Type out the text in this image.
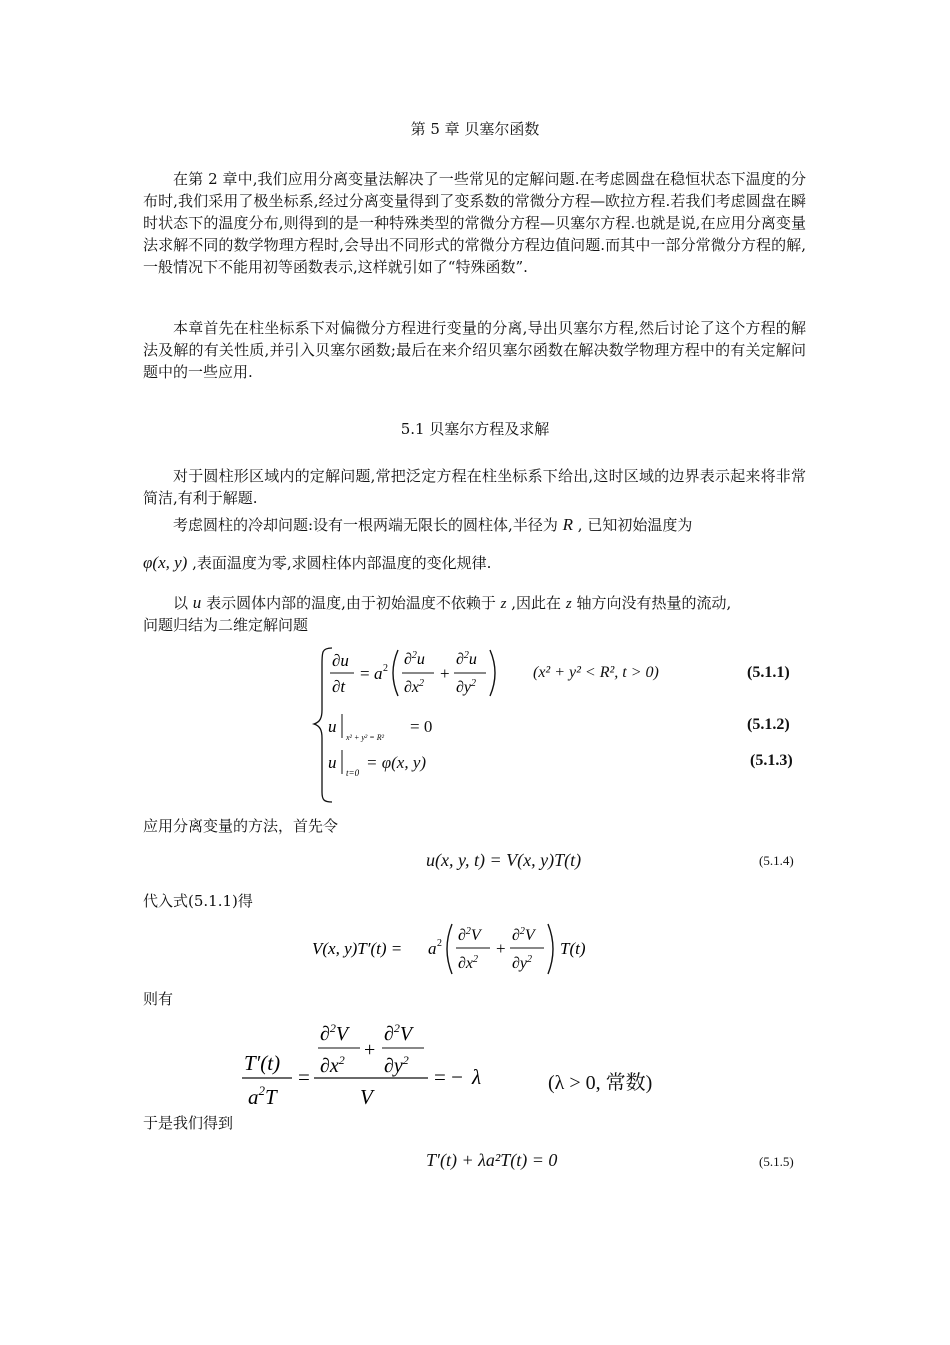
第 5 章 贝塞尔函数
在第 2 章中,我们应用分离变量法解决了一些常见的定解问题.在考虑圆盘在稳恒状态下温度的分布时,我们采用了极坐标系,经过分离变量得到了变系数的常微分方程—欧拉方程.若我们考虑圆盘在瞬时状态下的温度分布,则得到的是一种特殊类型的常微分方程—贝塞尔方程.也就是说,在应用分离变量法求解不同的数学物理方程时,会导出不同形式的常微分方程边值问题.而其中一部分常微分方程的解,一般情况下不能用初等函数表示,这样就引如了“特殊函数”.
本章首先在柱坐标系下对偏微分方程进行变量的分离,导出贝塞尔方程,然后讨论了这个方程的解法及解的有关性质,并引入贝塞尔函数;最后在来介绍贝塞尔函数在解决数学物理方程中的有关定解问题中的一些应用.
5.1 贝塞尔方程及求解
对于圆柱形区域内的定解问题,常把泛定方程在柱坐标系下给出,这时区域的边界表示起来将非常简洁,有利于解题.
考虑圆柱的冷却问题:设有一根两端无限长的圆柱体,半径为 R , 已知初始温度为
φ(x, y) ,表面温度为零,求圆柱体内部温度的变化规律.
以 u 表示圆体内部的温度,由于初始温度不依赖于 z ,因此在 z 轴方向没有热量的流动,
问题归结为二维定解问题
∂u
∂t
= a 2
∂$^2$u
$\partial x^2$
+
∂$^2$u
$\partial y^2$
u
x² + y² = R²
u
t=0
(x² + y² < R², t > 0)	(5.1.1)
= 0	(5.1.2)
= φ(x, y)	(5.1.3)
应用分离变量的方法，首先令
u(x, y, t) = V(x, y)T(t)	(5.1.4)
代入式(5.1.1)得
V(x, y)T′(t) = a 2 ∂$^2$V
$\partial x^2$
+
∂$^2$V
$\partial y^2$
T(t)
则有
T′(t)
$a^2T$
=
∂$^2$V
$\partial x^2$ +
∂$^2$V
$\partial y^2$
V
= − λ	(λ > 0, 常数)
于是我们得到
T′(t) + λa²T(t) = 0	(5.1.5)
